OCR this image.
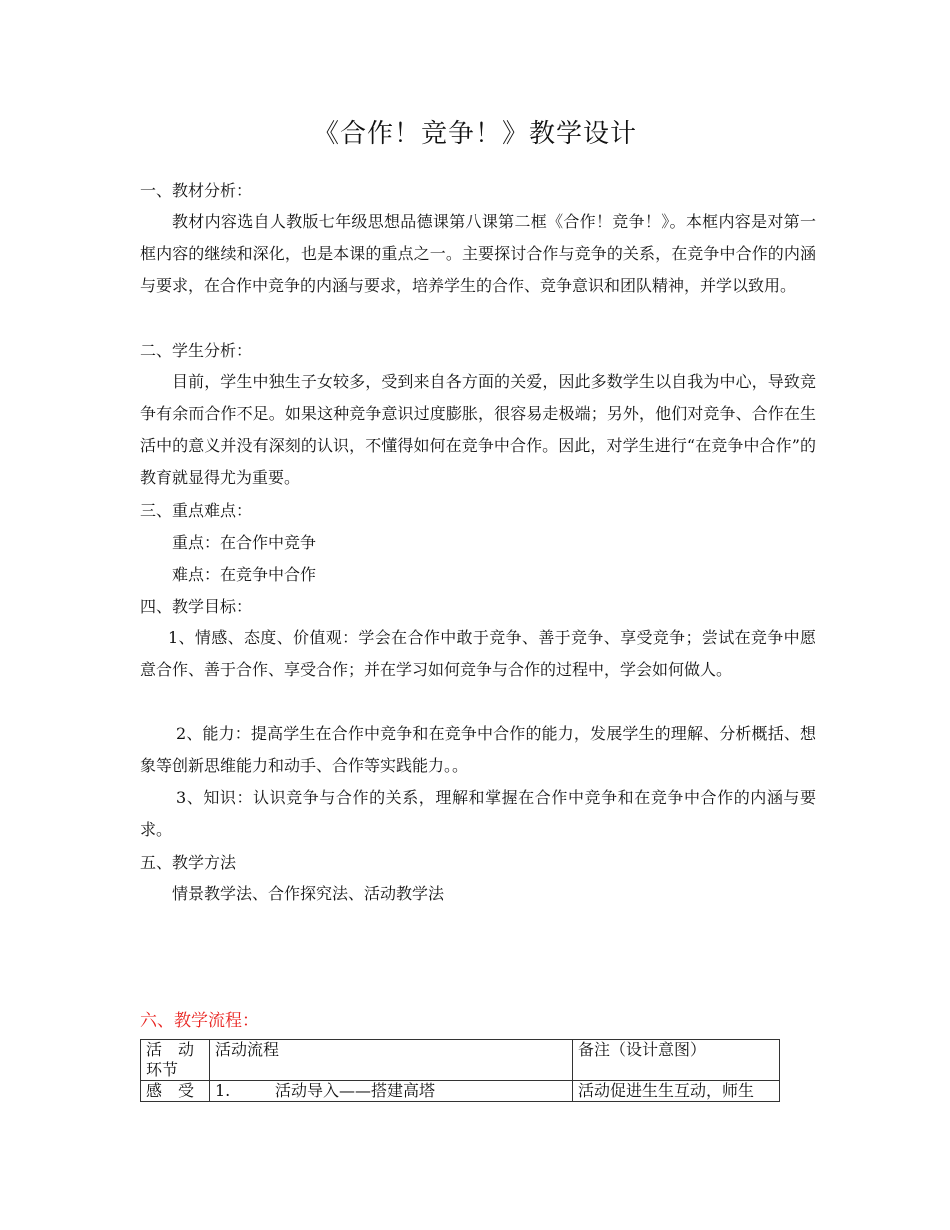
《合作！竞争！》教学设计
一、教材分析：
教材内容选自人教版七年级思想品德课第八课第二框《合作！竞争！》。本框内容是对第一框内容的继续和深化，也是本课的重点之一。主要探讨合作与竞争的关系，在竞争中合作的内涵与要求，在合作中竞争的内涵与要求，培养学生的合作、竞争意识和团队精神，并学以致用。
二、学生分析：
目前，学生中独生子女较多，受到来自各方面的关爱，因此多数学生以自我为中心，导致竞争有余而合作不足。如果这种竞争意识过度膨胀，很容易走极端；另外，他们对竞争、合作在生活中的意义并没有深刻的认识，不懂得如何在竞争中合作。因此，对学生进行“在竞争中合作”的教育就显得尤为重要。
三、重点难点：
重点：在合作中竞争
难点：在竞争中合作
四、教学目标：
1、情感、态度、价值观：学会在合作中敢于竞争、善于竞争、享受竞争；尝试在竞争中愿意合作、善于合作、享受合作；并在学习如何竞争与合作的过程中，学会如何做人。
2、能力：提高学生在合作中竞争和在竞争中合作的能力，发展学生的理解、分析概括、想象等创新思维能力和动手、合作等实践能力。。
3、知识：认识竞争与合作的关系，理解和掌握在合作中竞争和在竞争中合作的内涵与要求。
五、教学方法
情景教学法、合作探究法、活动教学法
六、教学流程：
活　动环节	活动流程	备注（设计意图）
感　受	1. 活动导入——搭建高塔	活动促进生生互动，师生
